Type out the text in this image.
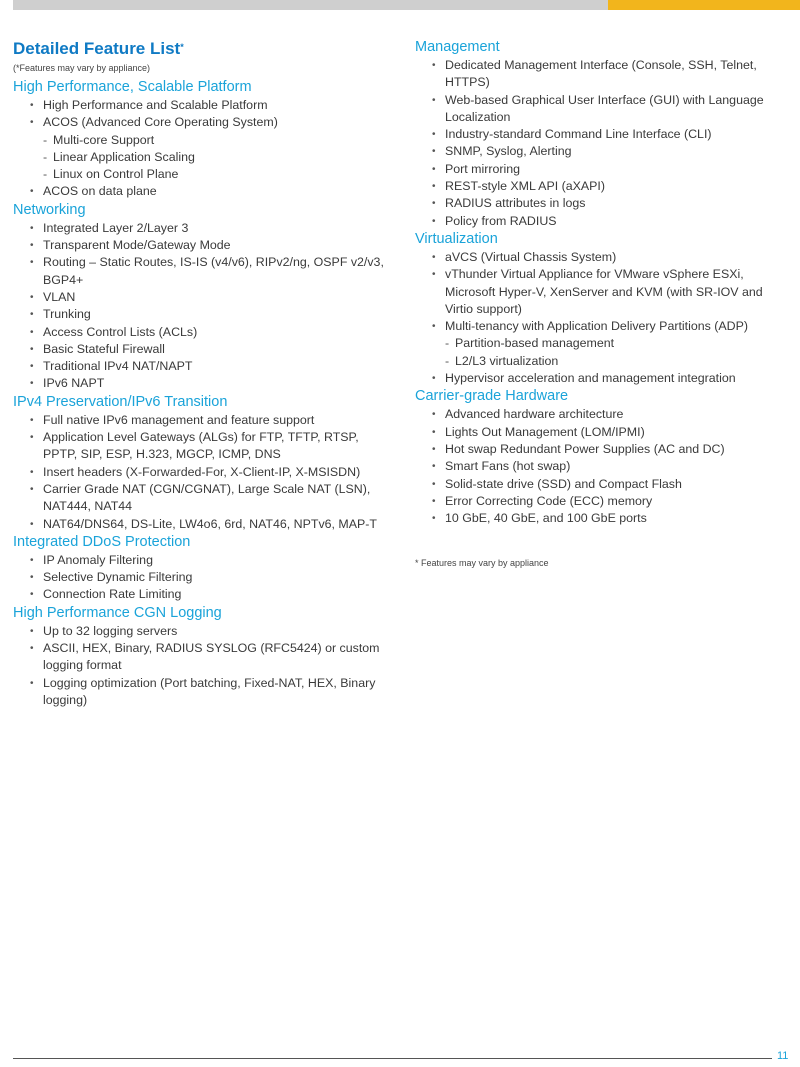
Detailed Feature List*
(*Features may vary by appliance)
High Performance, Scalable Platform
• High Performance and Scalable Platform
• ACOS (Advanced Core Operating System)
- Multi-core Support
- Linear Application Scaling
- Linux on Control Plane
• ACOS on data plane
Networking
• Integrated Layer 2/Layer 3
• Transparent Mode/Gateway Mode
• Routing – Static Routes, IS-IS (v4/v6), RIPv2/ng, OSPF v2/v3, BGP4+
• VLAN
• Trunking
• Access Control Lists (ACLs)
• Basic Stateful Firewall
• Traditional IPv4 NAT/NAPT
• IPv6 NAPT
IPv4 Preservation/IPv6 Transition
• Full native IPv6 management and feature support
• Application Level Gateways (ALGs) for FTP, TFTP, RTSP, PPTP, SIP, ESP, H.323, MGCP, ICMP, DNS
• Insert headers (X-Forwarded-For, X-Client-IP, X-MSISDN)
• Carrier Grade NAT (CGN/CGNAT), Large Scale NAT (LSN), NAT444, NAT44
• NAT64/DNS64, DS-Lite, LW4o6, 6rd, NAT46, NPTv6, MAP-T
Integrated DDoS Protection
• IP Anomaly Filtering
• Selective Dynamic Filtering
• Connection Rate Limiting
High Performance CGN Logging
• Up to 32 logging servers
• ASCII, HEX, Binary, RADIUS SYSLOG (RFC5424) or custom logging format
• Logging optimization (Port batching, Fixed-NAT, HEX, Binary logging)
Management
• Dedicated Management Interface (Console, SSH, Telnet, HTTPS)
• Web-based Graphical User Interface (GUI) with Language Localization
• Industry-standard Command Line Interface (CLI)
• SNMP, Syslog, Alerting
• Port mirroring
• REST-style XML API (aXAPI)
• RADIUS attributes in logs
• Policy from RADIUS
Virtualization
• aVCS (Virtual Chassis System)
• vThunder Virtual Appliance for VMware vSphere ESXi, Microsoft Hyper-V, XenServer and KVM (with SR-IOV and Virtio support)
• Multi-tenancy with Application Delivery Partitions (ADP)
- Partition-based management
- L2/L3 virtualization
• Hypervisor acceleration and management integration
Carrier-grade Hardware
• Advanced hardware architecture
• Lights Out Management (LOM/IPMI)
• Hot swap Redundant Power Supplies (AC and DC)
• Smart Fans (hot swap)
• Solid-state drive (SSD) and Compact Flash
• Error Correcting Code (ECC) memory
• 10 GbE, 40 GbE, and 100 GbE ports
* Features may vary by appliance
11
